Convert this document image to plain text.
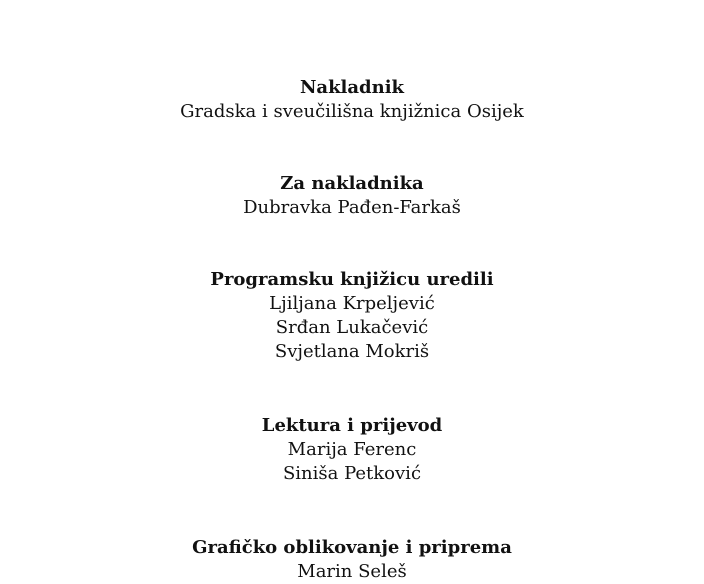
Nakladnik
Gradska i sveučilišna knjižnica Osijek
Za nakladnika
Dubravka Pađen-Farkaš
Programsku knjižicu uredili
Ljiljana Krpeljević
Srđan Lukačević
Svjetlana Mokriš
Lektura i prijevod
Marija Ferenc
Siniša Petković
Grafičko oblikovanje i priprema
Marin Seleš
